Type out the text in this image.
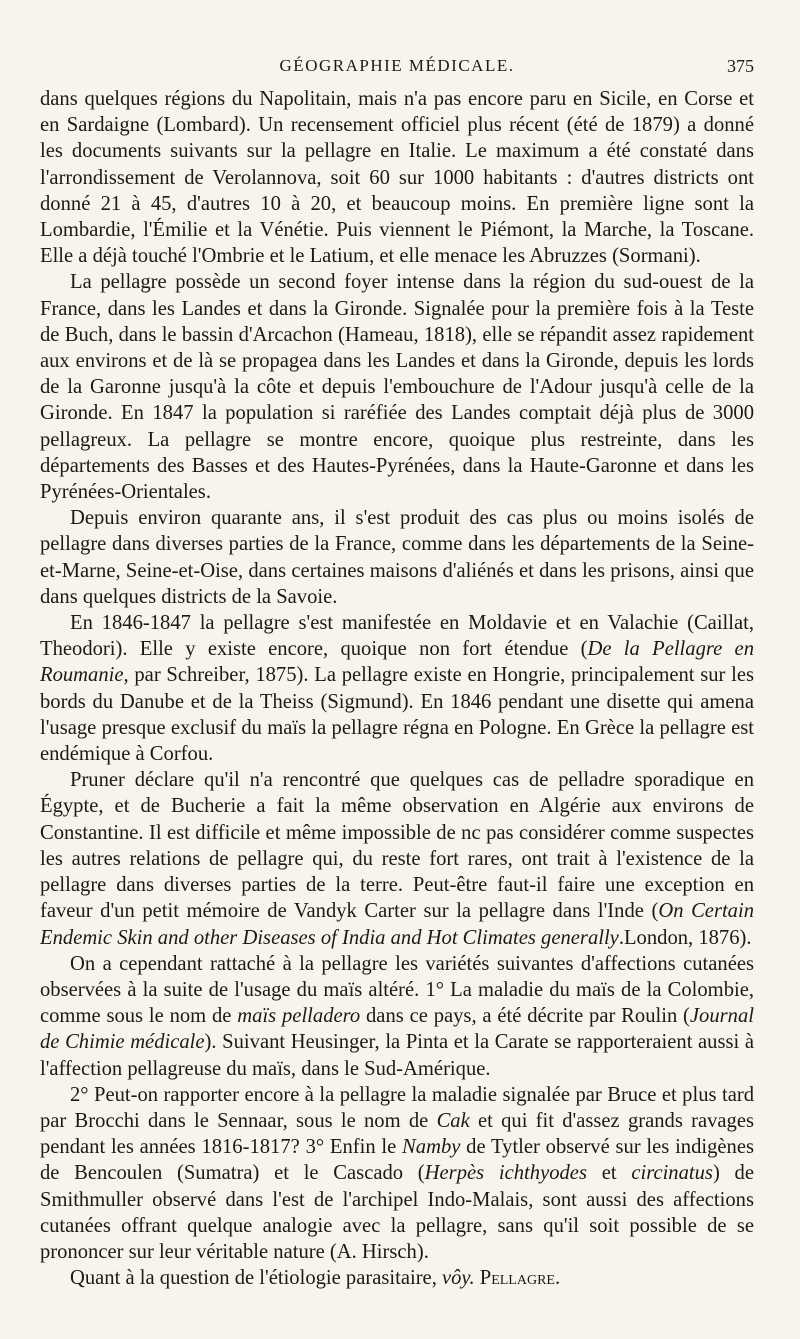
GÉOGRAPHIE MÉDICALE.	375

dans quelques régions du Napolitain, mais n'a pas encore paru en Sicile, en Corse et en Sardaigne (Lombard). Un recensement officiel plus récent (été de 1879) a donné les documents suivants sur la pellagre en Italie. Le maximum a été constaté dans l'arrondissement de Verolannova, soit 60 sur 1000 habitants : d'autres districts ont donné 21 à 45, d'autres 10 à 20, et beaucoup moins. En première ligne sont la Lombardie, l'Émilie et la Vénétie. Puis viennent le Piémont, la Marche, la Toscane. Elle a déjà touché l'Ombrie et le Latium, et elle menace les Abruzzes (Sormani).

La pellagre possède un second foyer intense dans la région du sud-ouest de la France, dans les Landes et dans la Gironde. Signalée pour la première fois à la Teste de Buch, dans le bassin d'Arcachon (Hameau, 1818), elle se répandit assez rapidement aux environs et de là se propagea dans les Landes et dans la Gironde, depuis les lords de la Garonne jusqu'à la côte et depuis l'embouchure de l'Adour jusqu'à celle de la Gironde. En 1847 la population si raréfiée des Landes comptait déjà plus de 3000 pellagreux. La pellagre se montre encore, quoique plus restreinte, dans les départements des Basses et des Hautes-Pyrénées, dans la Haute-Garonne et dans les Pyrénées-Orientales.

Depuis environ quarante ans, il s'est produit des cas plus ou moins isolés de pellagre dans diverses parties de la France, comme dans les départements de la Seine-et-Marne, Seine-et-Oise, dans certaines maisons d'aliénés et dans les prisons, ainsi que dans quelques districts de la Savoie.

En 1846-1847 la pellagre s'est manifestée en Moldavie et en Valachie (Caillat, Theodori). Elle y existe encore, quoique non fort étendue (De la Pellagre en Roumanie, par Schreiber, 1875). La pellagre existe en Hongrie, principalement sur les bords du Danube et de la Theiss (Sigmund). En 1846 pendant une disette qui amena l'usage presque exclusif du maïs la pellagre régna en Pologne. En Grèce la pellagre est endémique à Corfou.

Pruner déclare qu'il n'a rencontré que quelques cas de pelladre sporadique en Égypte, et de Bucherie a fait la même observation en Algérie aux environs de Constantine. Il est difficile et même impossible de nc pas considérer comme suspectes les autres relations de pellagre qui, du reste fort rares, ont trait à l'existence de la pellagre dans diverses parties de la terre. Peut-être faut-il faire une exception en faveur d'un petit mémoire de Vandyk Carter sur la pellagre dans l'Inde (On Certain Endemic Skin and other Diseases of India and Hot Climates generally.London, 1876).

On a cependant rattaché à la pellagre les variétés suivantes d'affections cutanées observées à la suite de l'usage du maïs altéré. 1° La maladie du maïs de la Colombie, comme sous le nom de maïs pelladero dans ce pays, a été décrite par Roulin (Journal de Chimie médicale). Suivant Heusinger, la Pinta et la Carate se rapporteraient aussi à l'affection pellagreuse du maïs, dans le Sud-Amérique.

2° Peut-on rapporter encore à la pellagre la maladie signalée par Bruce et plus tard par Brocchi dans le Sennaar, sous le nom de Cak et qui fit d'assez grands ravages pendant les années 1816-1817? 3° Enfin le Namby de Tytler observé sur les indigènes de Bencoulen (Sumatra) et le Cascado (Herpès ichthyodes et circinatus) de Smithmuller observé dans l'est de l'archipel Indo-Malais, sont aussi des affections cutanées offrant quelque analogie avec la pellagre, sans qu'il soit possible de se prononcer sur leur véritable nature (A. Hirsch).

Quant à la question de l'étiologie parasitaire, vôy. Pellagre.
